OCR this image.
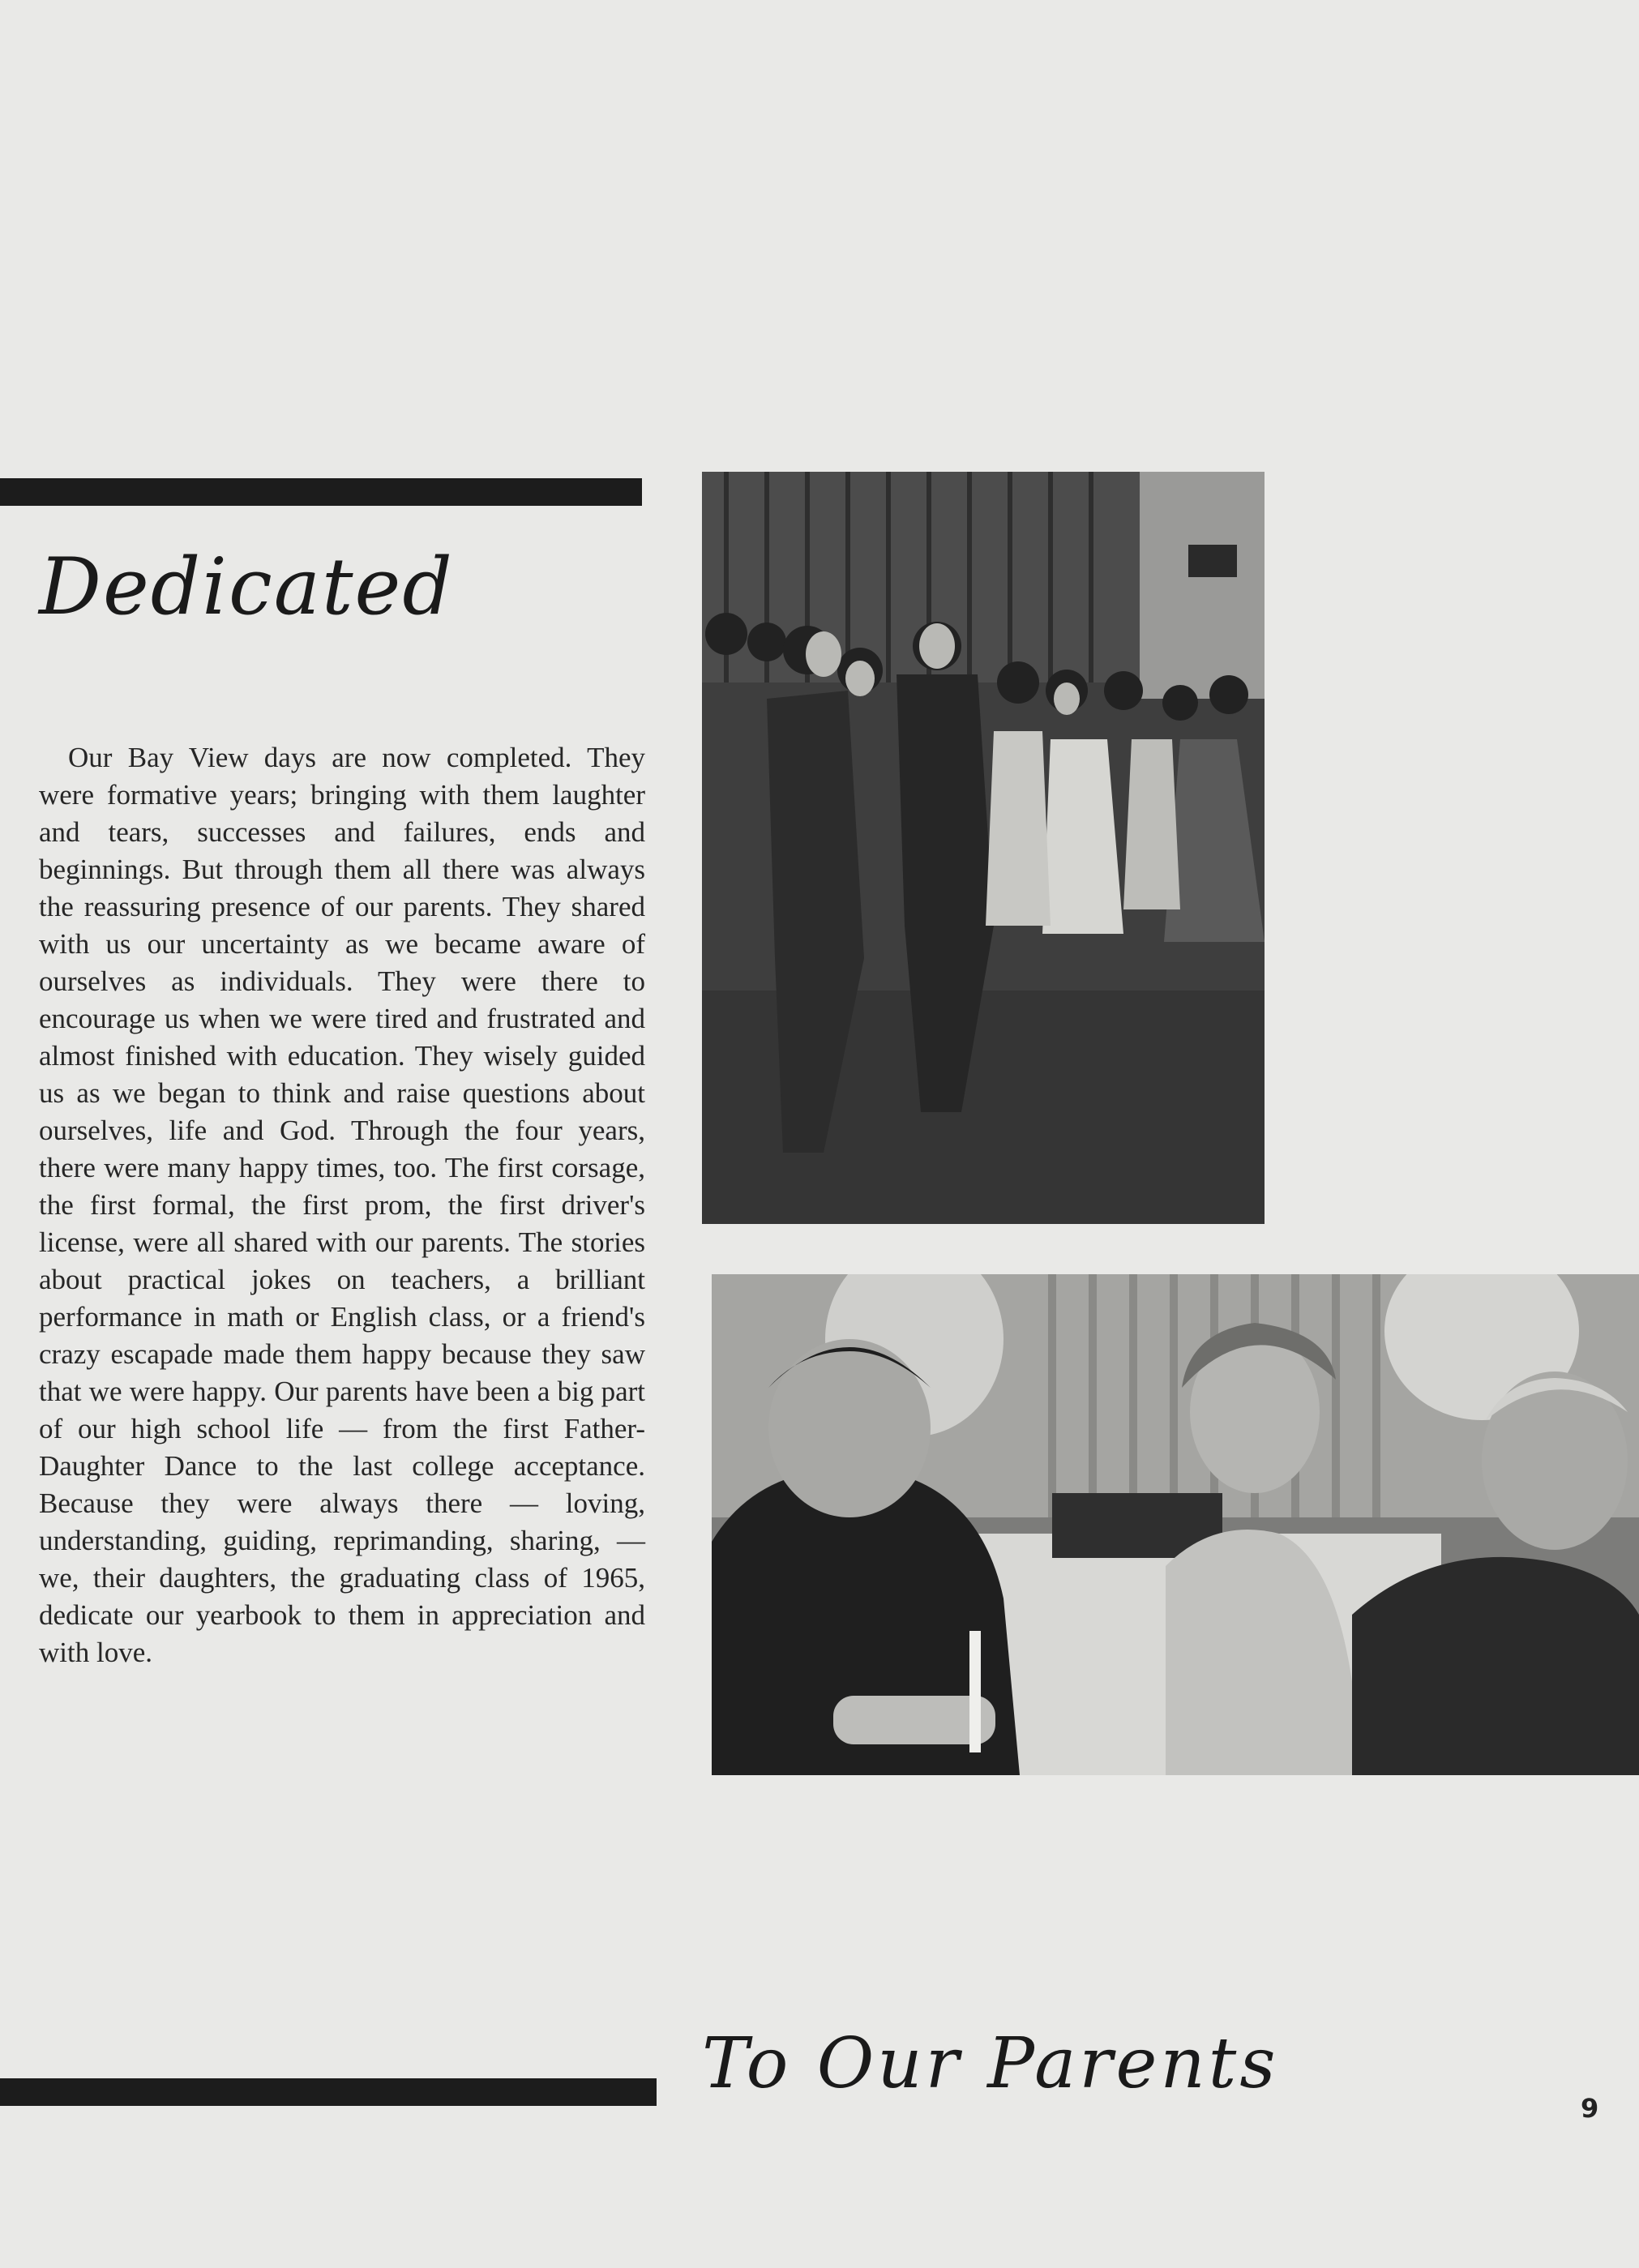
Dedicated

Our Bay View days are now completed. They were formative years; bringing with them laughter and tears, successes and failures, ends and beginnings. But through them all there was always the reassuring presence of our parents. They shared with us our uncertainty as we became aware of ourselves as individuals. They were there to encourage us when we were tired and frustrated and almost finished with education. They wisely guided us as we began to think and raise questions about ourselves, life and God. Through the four years, there were many happy times, too. The first corsage, the first formal, the first prom, the first driver's license, were all shared with our parents. The stories about practical jokes on teachers, a brilliant performance in math or English class, or a friend's crazy escapade made them happy because they saw that we were happy. Our parents have been a big part of our high school life — from the first Father-Daughter Dance to the last college acceptance. Because they were always there — loving, understanding, guiding, reprimanding, sharing, — we, their daughters, the graduating class of 1965, dedicate our yearbook to them in appreciation and with love.

To Our Parents
9
